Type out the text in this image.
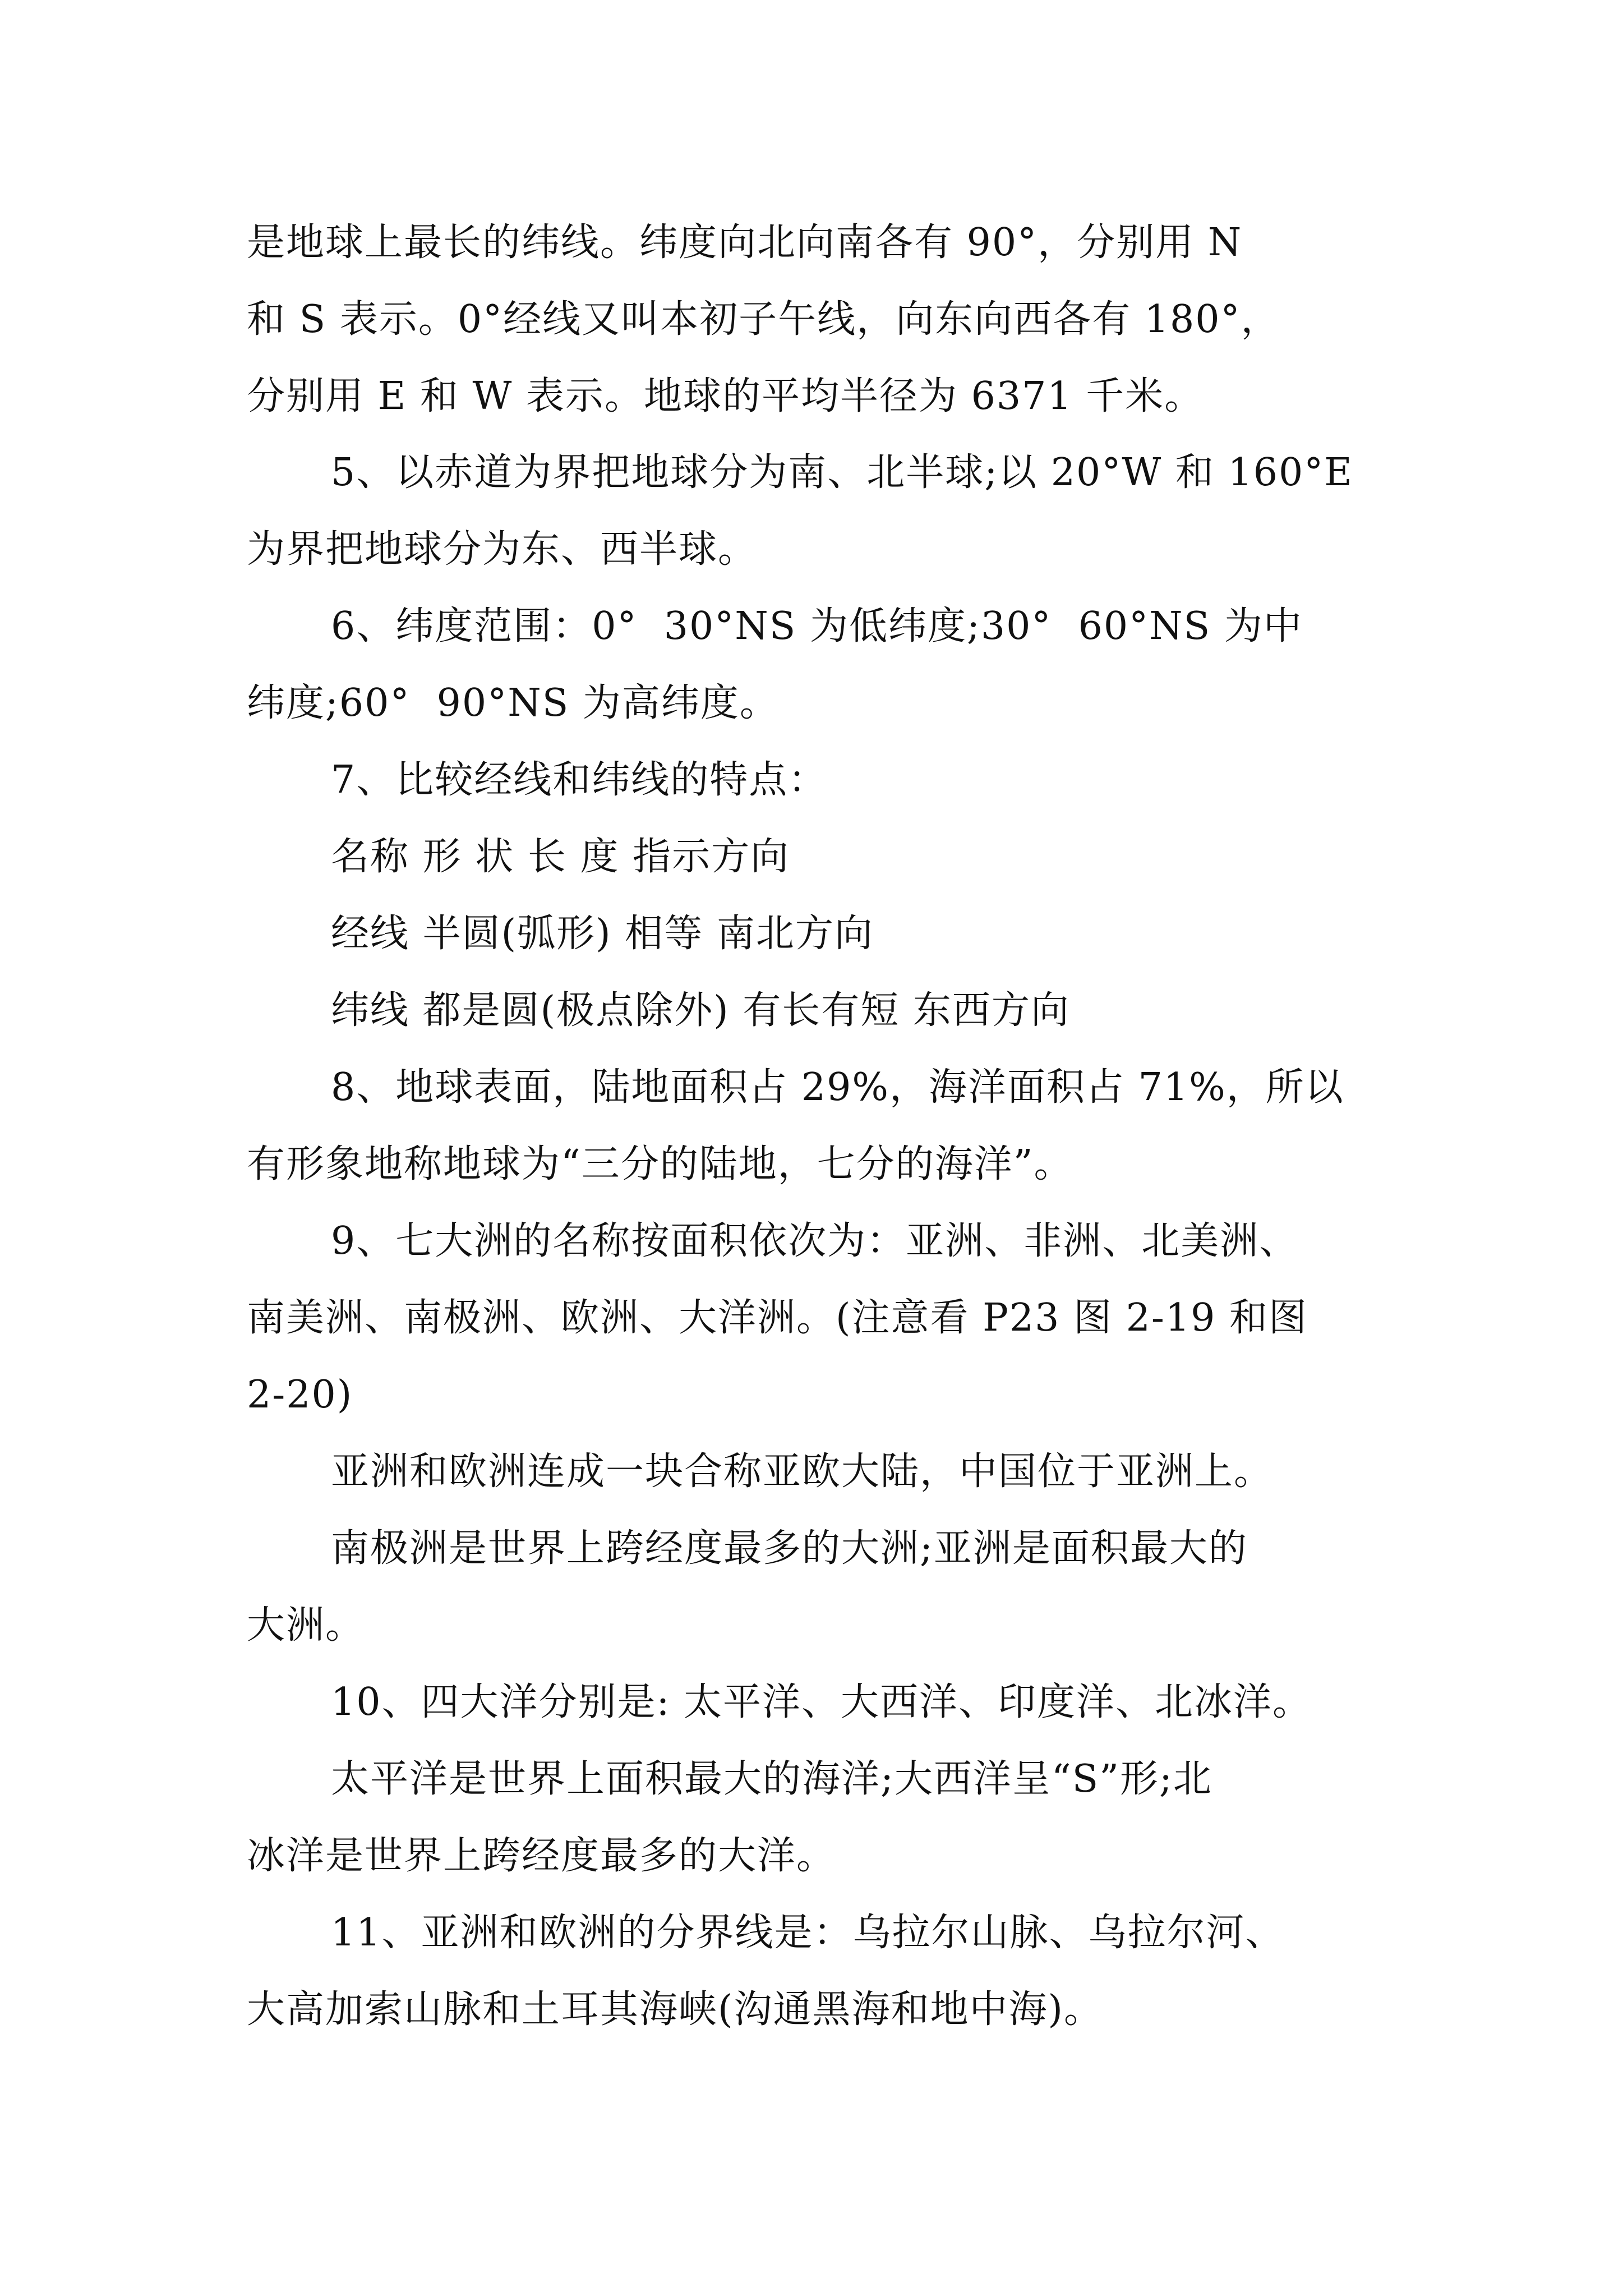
是地球上最长的纬线。纬度向北向南各有 90°，分别用 N
和 S 表示。0°经线又叫本初子午线，向东向西各有 180°，
分别用 E 和 W 表示。地球的平均半径为 6371 千米。
5、以赤道为界把地球分为南、北半球;以 20°W 和 160°E
为界把地球分为东、西半球。
6、纬度范围：0°  30°NS 为低纬度;30°  60°NS 为中
纬度;60°  90°NS 为高纬度。
7、比较经线和纬线的特点：
名称 形 状 长 度 指示方向
经线 半圆(弧形) 相等 南北方向
纬线 都是圆(极点除外) 有长有短 东西方向
8、地球表面，陆地面积占 29%，海洋面积占 71%，所以
有形象地称地球为“三分的陆地，七分的海洋”。
9、七大洲的名称按面积依次为：亚洲、非洲、北美洲、
南美洲、南极洲、欧洲、大洋洲。(注意看 P23 图 2-19 和图
2-20)
亚洲和欧洲连成一块合称亚欧大陆，中国位于亚洲上。
南极洲是世界上跨经度最多的大洲;亚洲是面积最大的
大洲。
10、四大洋分别是: 太平洋、大西洋、印度洋、北冰洋。
太平洋是世界上面积最大的海洋;大西洋呈“S”形;北
冰洋是世界上跨经度最多的大洋。
11、亚洲和欧洲的分界线是：乌拉尔山脉、乌拉尔河、
大高加索山脉和土耳其海峡(沟通黑海和地中海)。
